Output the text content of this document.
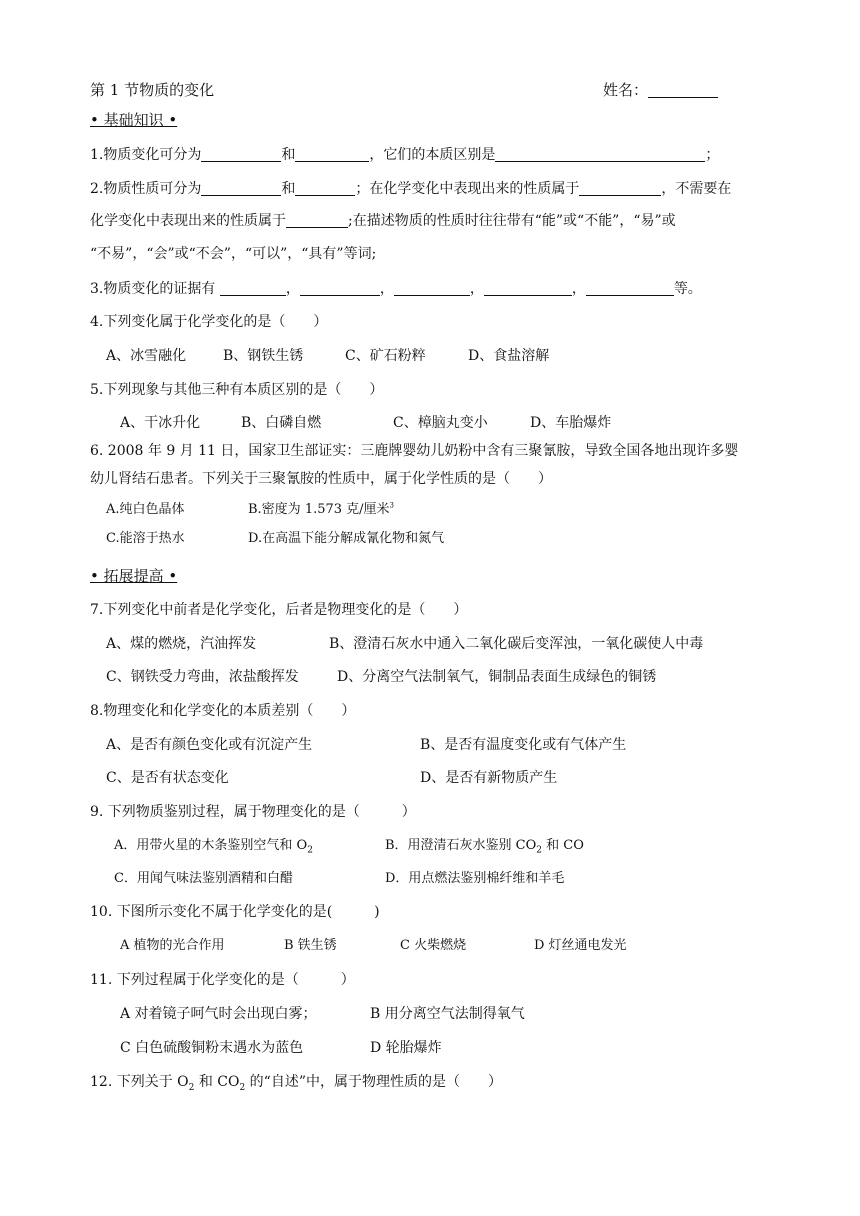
第 1 节物质的变化	姓名：
• 基础知识 •
1.物质变化可分为	和	，它们的本质区别是	；
2.物质性质可分为	和	；在化学变化中表现出来的性质属于	，不需要在
化学变化中表现出来的性质属于	;在描述物质的性质时往往带有“能”或“不能”，“易”或
“不易”，“会”或“不会”，“可以”，“具有”等词;
3.物质变化的证据有	，	，	，	，	等。
4.下列变化属于化学变化的是（　　）
A、冰雪融化	B、钢铁生锈	C、矿石粉粹	D、食盐溶解
5.下列现象与其他三种有本质区别的是（　　）
A、干冰升化	B、白磷自燃	C、樟脑丸变小	D、车胎爆炸
6. 2008 年 9 月 11 日，国家卫生部证实：三鹿牌婴幼儿奶粉中含有三聚氰胺，导致全国各地出现许多婴
幼儿肾结石患者。下列关于三聚氰胺的性质中，属于化学性质的是（　　）
A.纯白色晶体	B.密度为 1.573 克/厘米$^3$
C.能溶于热水	D.在高温下能分解成氰化物和氮气
• 拓展提高 •
7.下列变化中前者是化学变化，后者是物理变化的是（　　）
A、煤的燃烧，汽油挥发	B、澄清石灰水中通入二氧化碳后变浑浊，一氧化碳使人中毒
C、钢铁受力弯曲，浓盐酸挥发	D、分离空气法制氧气，铜制品表面生成绿色的铜锈
8.物理变化和化学变化的本质差别（　　）
A、是否有颜色变化或有沉淀产生	B、是否有温度变化或有气体产生
C、是否有状态变化	D、是否有新物质产生
9. 下列物质鉴别过程，属于物理变化的是（　　　）
A．用带火星的木条鉴别空气和 $O_2$	B．用澄清石灰水鉴别 $CO_2$ 和 CO
C．用闻气味法鉴别酒精和白醋	D．用点燃法鉴别棉纤维和羊毛
10. 下图所示变化不属于化学变化的是(　　　)
A 植物的光合作用	B 铁生锈	C 火柴燃烧	D 灯丝通电发光
11. 下列过程属于化学变化的是（　　　）
A 对着镜子呵气时会出现白雾；	B 用分离空气法制得氧气
C 白色硫酸铜粉末遇水为蓝色	D 轮胎爆炸
12. 下列关于 $O_2$ 和 $CO_2$ 的“自述”中，属于物理性质的是（　　）
